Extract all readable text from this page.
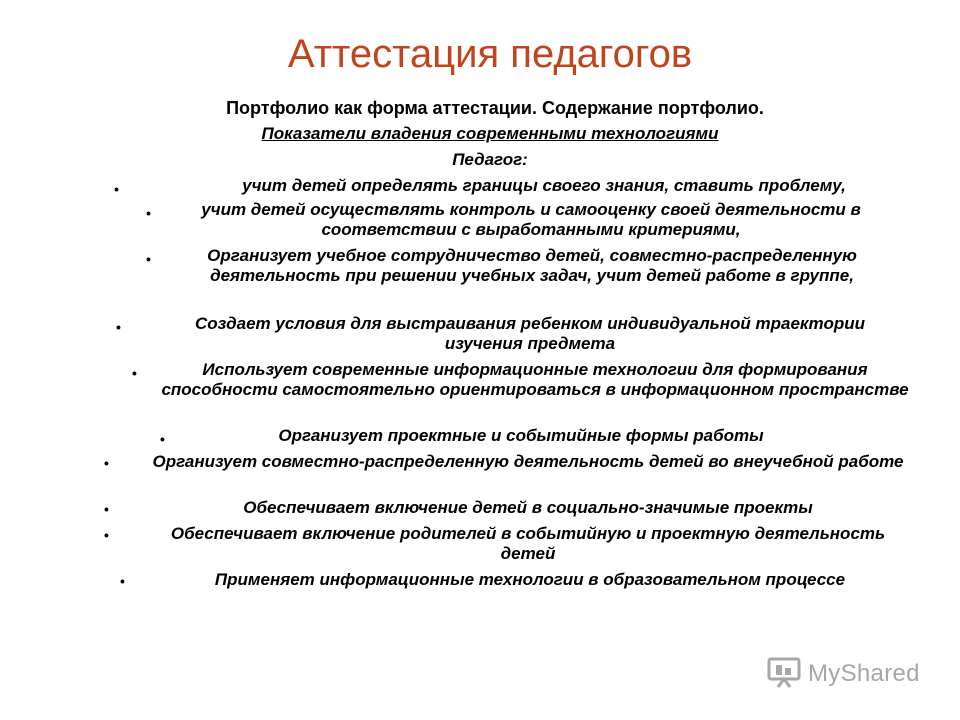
Аттестация педагогов
Портфолио как форма аттестации. Содержание портфолио.
Показатели владения современными технологиями
Педагог:
•	учит детей определять границы своего знания, ставить проблему,
•	учит детей осуществлять контроль и самооценку своей деятельности в соответствии с выработанными критериями,
•	Организует учебное сотрудничество детей, совместно-распределенную деятельность при решении учебных задач, учит детей работе в группе,
•	Создает условия для выстраивания ребенком индивидуальной траектории изучения предмета
•	Использует современные информационные технологии для формирования способности самостоятельно ориентироваться в информационном пространстве
•	Организует проектные и событийные формы работы
•	Организует совместно-распределенную деятельность детей во внеучебной работе
•	Обеспечивает включение детей в социально-значимые проекты
•	Обеспечивает включение родителей в событийную и проектную деятельность детей
•	Применяет информационные технологии в образовательном процессе
MyShared
